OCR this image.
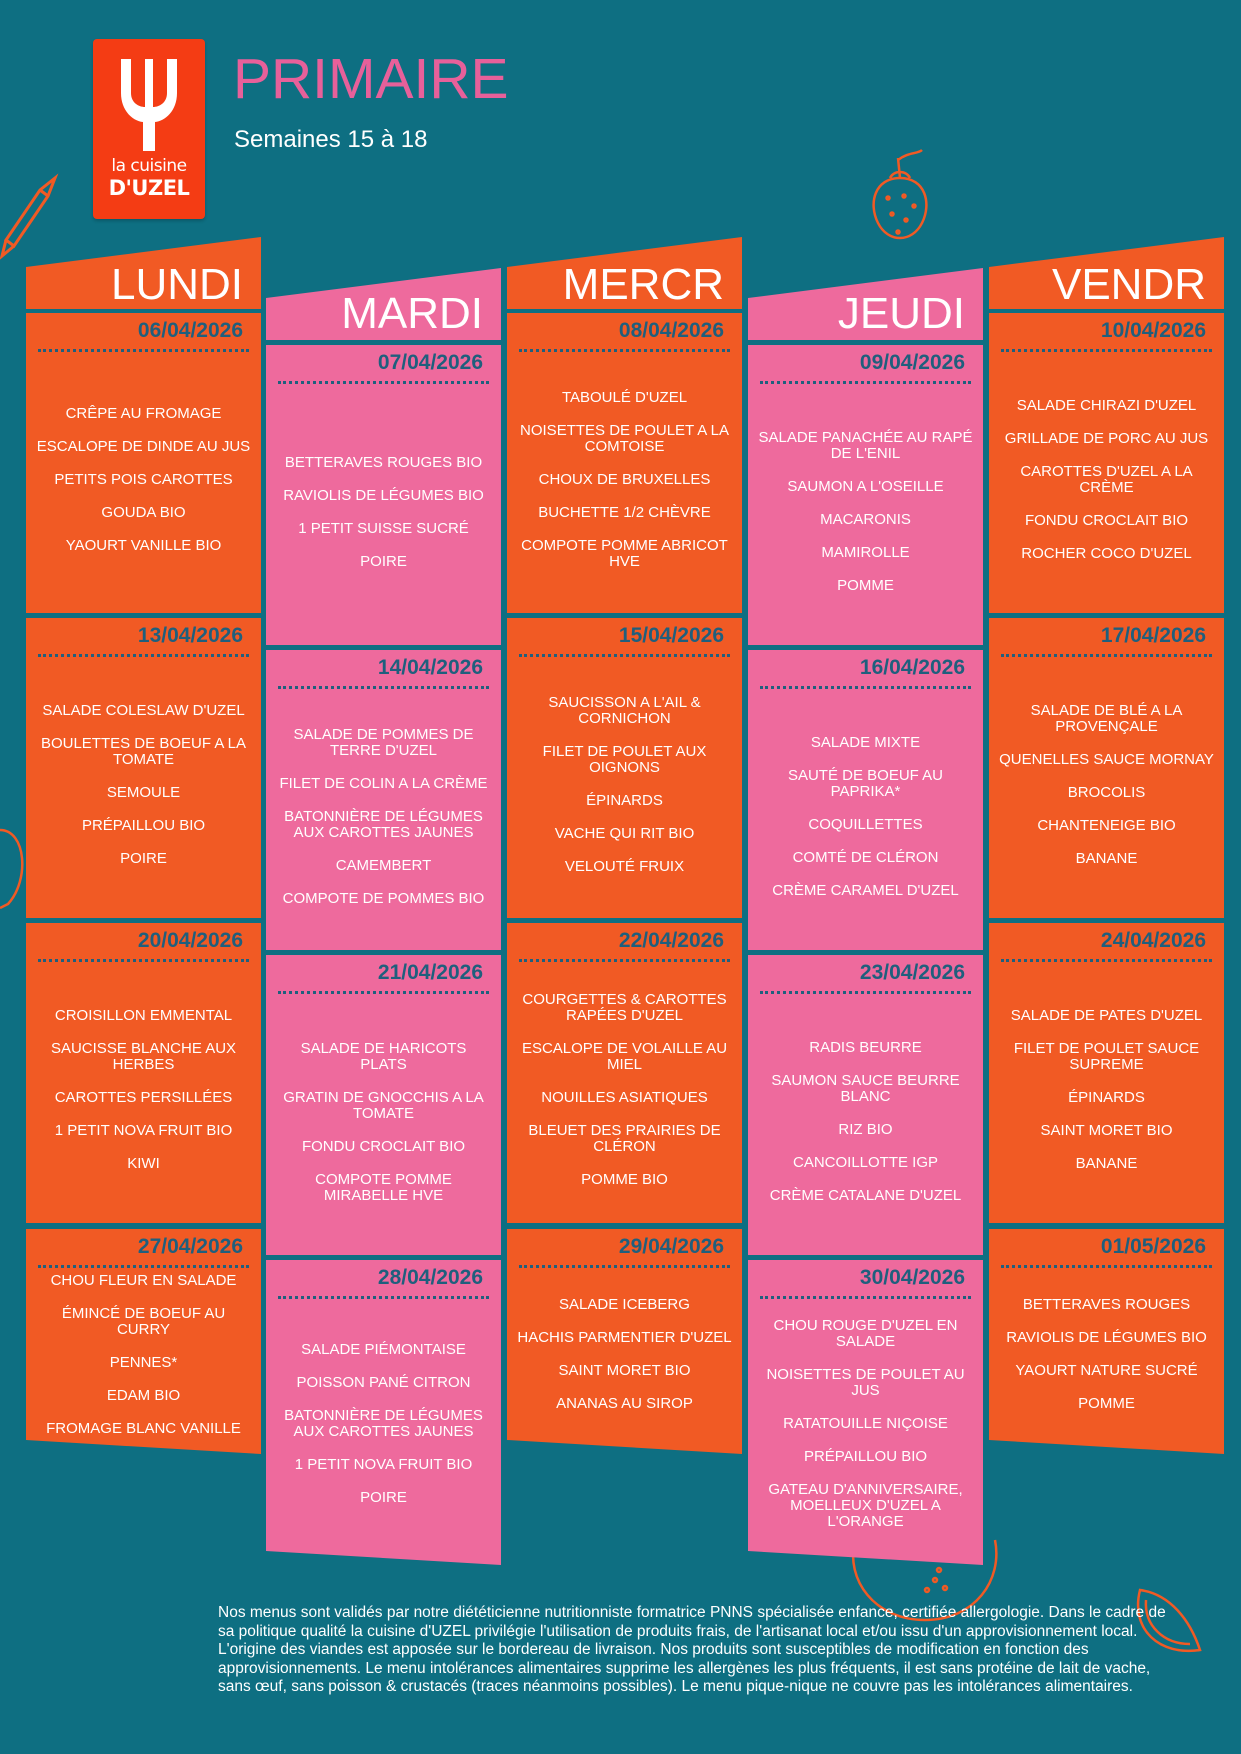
la cuisine
D'UZEL
PRIMAIRE
Semaines 15 à 18
LUNDI
06/04/2026
CRÊPE AU FROMAGE
ESCALOPE DE DINDE AU JUS
PETITS POIS CAROTTES
GOUDA BIO
YAOURT VANILLE BIO
13/04/2026
SALADE COLESLAW D'UZEL
BOULETTES DE BOEUF A LA TOMATE
SEMOULE
PRÉPAILLOU BIO
POIRE
20/04/2026
CROISILLON EMMENTAL
SAUCISSE BLANCHE AUX HERBES
CAROTTES PERSILLÉES
1 PETIT NOVA FRUIT BIO
KIWI
27/04/2026
CHOU FLEUR EN SALADE
ÉMINCÉ DE BOEUF AU CURRY
PENNES*
EDAM BIO
FROMAGE BLANC VANILLE
MARDI
07/04/2026
BETTERAVES ROUGES BIO
RAVIOLIS DE LÉGUMES BIO
1 PETIT SUISSE SUCRÉ
POIRE
14/04/2026
SALADE DE POMMES DE TERRE D'UZEL
FILET DE COLIN A LA CRÈME
BATONNIÈRE DE LÉGUMES AUX CAROTTES JAUNES
CAMEMBERT
COMPOTE DE POMMES BIO
21/04/2026
SALADE DE HARICOTS PLATS
GRATIN DE GNOCCHIS A LA TOMATE
FONDU CROCLAIT BIO
COMPOTE POMME MIRABELLE HVE
28/04/2026
SALADE PIÉMONTAISE
POISSON PANÉ CITRON
BATONNIÈRE DE LÉGUMES AUX CAROTTES JAUNES
1 PETIT NOVA FRUIT BIO
POIRE
MERCR
08/04/2026
TABOULÉ D'UZEL
NOISETTES DE POULET A LA COMTOISE
CHOUX DE BRUXELLES
BUCHETTE 1/2 CHÈVRE
COMPOTE POMME ABRICOT HVE
15/04/2026
SAUCISSON A L'AIL & CORNICHON
FILET DE POULET AUX OIGNONS
ÉPINARDS
VACHE QUI RIT BIO
VELOUTÉ FRUIX
22/04/2026
COURGETTES & CAROTTES RAPÉES D'UZEL
ESCALOPE DE VOLAILLE AU MIEL
NOUILLES ASIATIQUES
BLEUET DES PRAIRIES DE CLÉRON
POMME BIO
29/04/2026
SALADE ICEBERG
HACHIS PARMENTIER D'UZEL
SAINT MORET BIO
ANANAS AU SIROP
JEUDI
09/04/2026
SALADE PANACHÉE AU RAPÉ DE L'ENIL
SAUMON A L'OSEILLE
MACARONIS
MAMIROLLE
POMME
16/04/2026
SALADE MIXTE
SAUTÉ DE BOEUF AU PAPRIKA*
COQUILLETTES
COMTÉ DE CLÉRON
CRÈME CARAMEL D'UZEL
23/04/2026
RADIS BEURRE
SAUMON SAUCE BEURRE BLANC
RIZ BIO
CANCOILLOTTE IGP
CRÈME CATALANE D'UZEL
30/04/2026
CHOU ROUGE D'UZEL EN SALADE
NOISETTES DE POULET AU JUS
RATATOUILLE NIÇOISE
PRÉPAILLOU BIO
GATEAU D'ANNIVERSAIRE, MOELLEUX D'UZEL A L'ORANGE
VENDR
10/04/2026
SALADE CHIRAZI D'UZEL
GRILLADE DE PORC AU JUS
CAROTTES D'UZEL A LA CRÈME
FONDU CROCLAIT BIO
ROCHER COCO D'UZEL
17/04/2026
SALADE DE BLÉ A LA PROVENÇALE
QUENELLES SAUCE MORNAY
BROCOLIS
CHANTENEIGE BIO
BANANE
24/04/2026
SALADE DE PATES D'UZEL
FILET DE POULET SAUCE SUPREME
ÉPINARDS
SAINT MORET BIO
BANANE
01/05/2026
BETTERAVES ROUGES
RAVIOLIS DE LÉGUMES BIO
YAOURT NATURE SUCRÉ
POMME
Nos menus sont validés par notre diététicienne nutritionniste formatrice PNNS spécialisée enfance, certifiée allergologie. Dans le cadre de sa politique qualité la cuisine d'UZEL privilégie l'utilisation de produits frais, de l'artisanat local et/ou issu d'un approvisionnement local. L'origine des viandes est apposée sur le bordereau de livraison. Nos produits sont susceptibles de modification en fonction des approvisionnements. Le menu intolérances alimentaires supprime les allergènes les plus fréquents, il est sans protéine de lait de vache, sans œuf, sans poisson & crustacés (traces néanmoins possibles). Le menu pique-nique ne couvre pas les intolérances alimentaires.
